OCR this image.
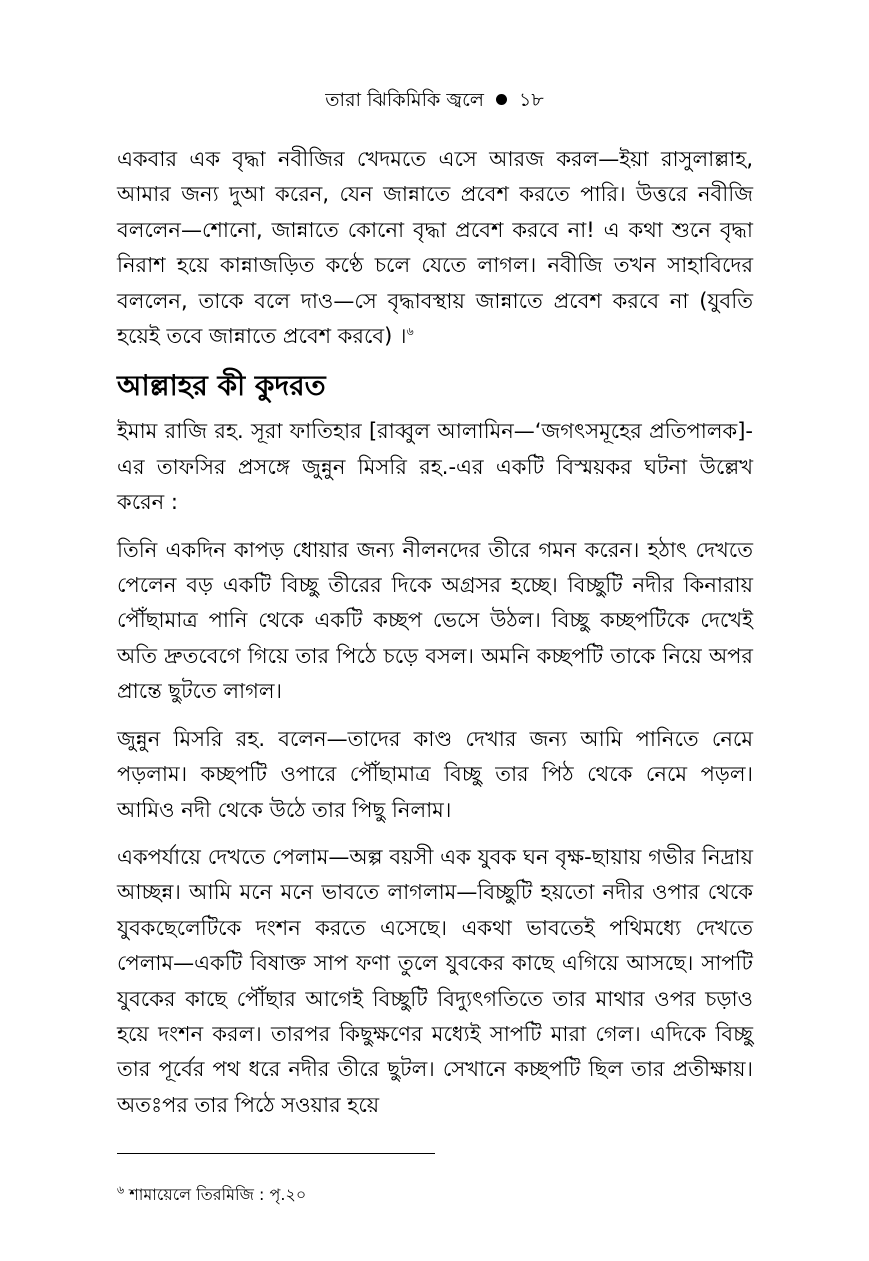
তারা ঝিকিমিকি জ্বলে ১৮

একবার এক বৃদ্ধা নবীজির খেদমতে এসে আরজ করল—ইয়া রাসুলাল্লাহ, আমার জন্য দুআ করেন, যেন জান্নাতে প্রবেশ করতে পারি। উত্তরে নবীজি বললেন—শোনো, জান্নাতে কোনো বৃদ্ধা প্রবেশ করবে না! এ কথা শুনে বৃদ্ধা নিরাশ হয়ে কান্নাজড়িত কণ্ঠে চলে যেতে লাগল। নবীজি তখন সাহাবিদের বললেন, তাকে বলে দাও—সে বৃদ্ধাবস্থায় জান্নাতে প্রবেশ করবে না (যুবতি হয়েই তবে জান্নাতে প্রবেশ করবে) ।$^৬$

আল্লাহর কী কুদরত

ইমাম রাজি রহ. সূরা ফাতিহার [রাব্বুল আলামিন—‘জগৎসমূহের প্রতিপালক]-এর তাফসির প্রসঙ্গে জুন্নুন মিসরি রহ.-এর একটি বিস্ময়কর ঘটনা উল্লেখ করেন :

তিনি একদিন কাপড় ধোয়ার জন্য নীলনদের তীরে গমন করেন। হঠাৎ দেখতে পেলেন বড় একটি বিচ্ছু তীরের দিকে অগ্রসর হচ্ছে। বিচ্ছুটি নদীর কিনারায় পৌঁছামাত্র পানি থেকে একটি কচ্ছপ ভেসে উঠল। বিচ্ছু কচ্ছপটিকে দেখেই অতি দ্রুতবেগে গিয়ে তার পিঠে চড়ে বসল। অমনি কচ্ছপটি তাকে নিয়ে অপর প্রান্তে ছুটতে লাগল।

জুন্নুন মিসরি রহ. বলেন—তাদের কাণ্ড দেখার জন্য আমি পানিতে নেমে পড়লাম। কচ্ছপটি ওপারে পৌঁছামাত্র বিচ্ছু তার পিঠ থেকে নেমে পড়ল। আমিও নদী থেকে উঠে তার পিছু নিলাম।

একপর্যায়ে দেখতে পেলাম—অল্প বয়সী এক যুবক ঘন বৃক্ষ-ছায়ায় গভীর নিদ্রায় আচ্ছন্ন। আমি মনে মনে ভাবতে লাগলাম—বিচ্ছুটি হয়তো নদীর ওপার থেকে যুবকছেলেটিকে দংশন করতে এসেছে। একথা ভাবতেই পথিমধ্যে দেখতে পেলাম—একটি বিষাক্ত সাপ ফণা তুলে যুবকের কাছে এগিয়ে আসছে। সাপটি যুবকের কাছে পৌঁছার আগেই বিচ্ছুটি বিদ্যুৎগতিতে তার মাথার ওপর চড়াও হয়ে দংশন করল। তারপর কিছুক্ষণের মধ্যেই সাপটি মারা গেল। এদিকে বিচ্ছু তার পূর্বের পথ ধরে নদীর তীরে ছুটল। সেখানে কচ্ছপটি ছিল তার প্রতীক্ষায়। অতঃপর তার পিঠে সওয়ার হয়ে

$^৬$ শামায়েলে তিরমিজি : পৃ.২০
